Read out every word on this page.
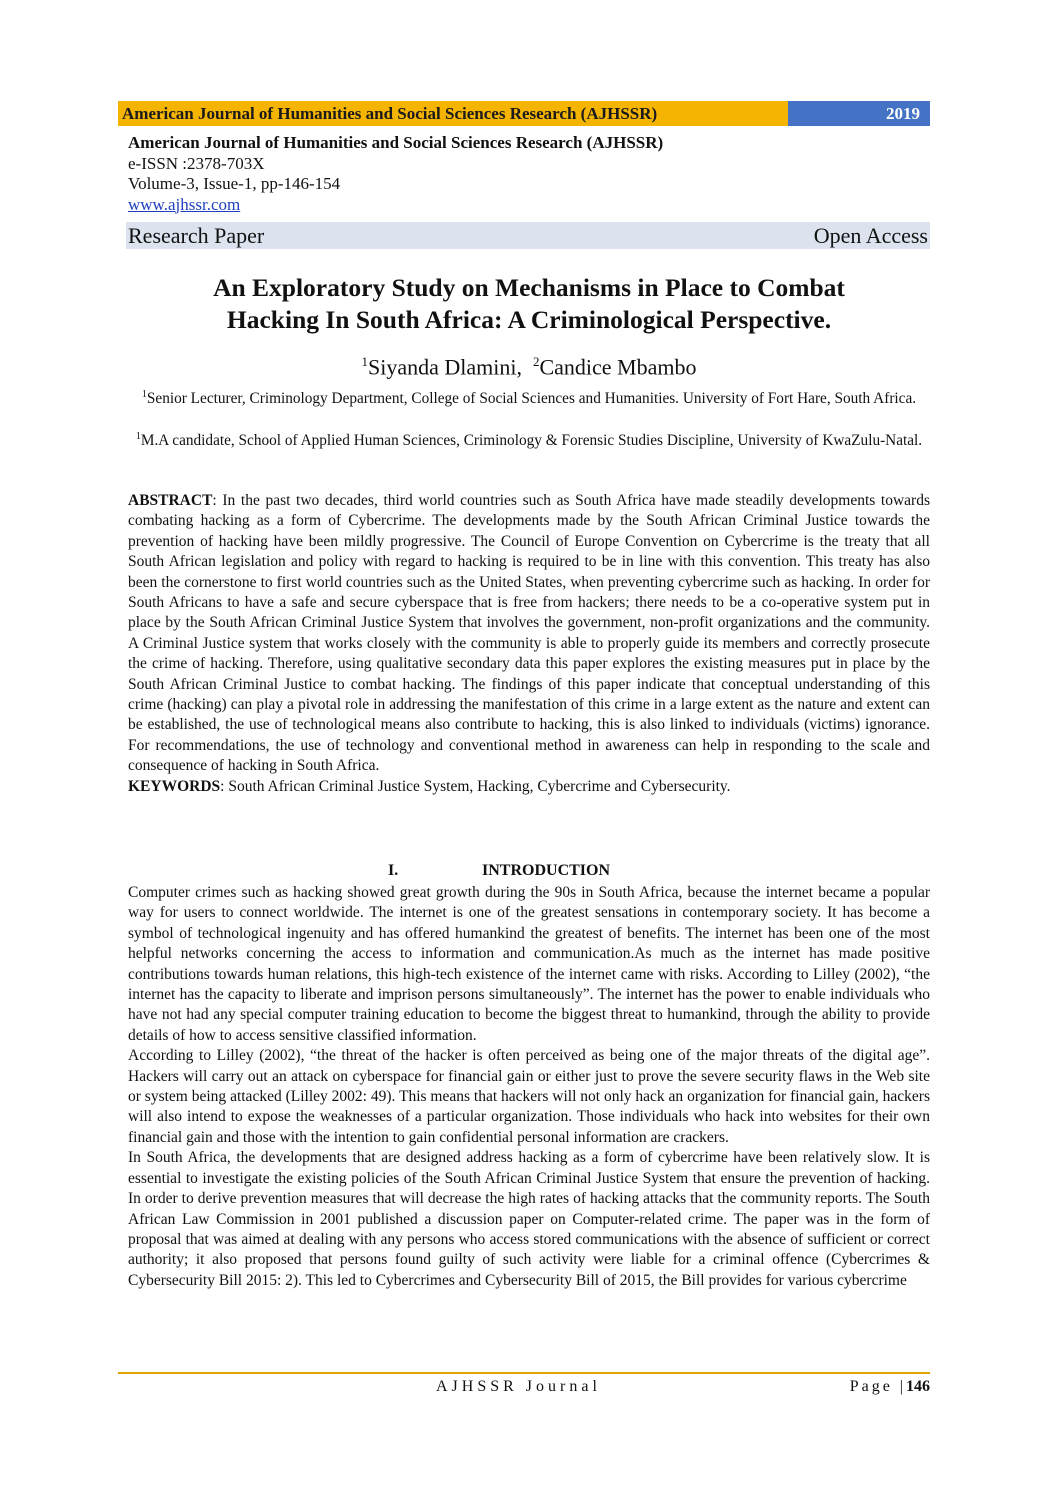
American Journal of Humanities and Social Sciences Research (AJHSSR)	2019
American Journal of Humanities and Social Sciences Research (AJHSSR)
e-ISSN :2378-703X
Volume-3, Issue-1, pp-146-154
www.ajhssr.com
Research Paper	Open Access
An Exploratory Study on Mechanisms in Place to Combat
Hacking In South Africa: A Criminological Perspective.
$^1$Siyanda Dlamini, $^2$Candice Mbambo
$^1$Senior Lecturer, Criminology Department, College of Social Sciences and Humanities. University of Fort Hare, South Africa.
$^1$M.A candidate, School of Applied Human Sciences, Criminology & Forensic Studies Discipline, University of KwaZulu-Natal.

ABSTRACT: In the past two decades, third world countries such as South Africa have made steadily developments towards combating hacking as a form of Cybercrime. The developments made by the South African Criminal Justice towards the prevention of hacking have been mildly progressive. The Council of Europe Convention on Cybercrime is the treaty that all South African legislation and policy with regard to hacking is required to be in line with this convention. This treaty has also been the cornerstone to first world countries such as the United States, when preventing cybercrime such as hacking. In order for South Africans to have a safe and secure cyberspace that is free from hackers; there needs to be a co-operative system put in place by the South African Criminal Justice System that involves the government, non-profit organizations and the community. A Criminal Justice system that works closely with the community is able to properly guide its members and correctly prosecute the crime of hacking. Therefore, using qualitative secondary data this paper explores the existing measures put in place by the South African Criminal Justice to combat hacking. The findings of this paper indicate that conceptual understanding of this crime (hacking) can play a pivotal role in addressing the manifestation of this crime in a large extent as the nature and extent can be established, the use of technological means also contribute to hacking, this is also linked to individuals (victims) ignorance. For recommendations, the use of technology and conventional method in awareness can help in responding to the scale and consequence of hacking in South Africa.

KEYWORDS: South African Criminal Justice System, Hacking, Cybercrime and Cybersecurity.

I.	INTRODUCTION

Computer crimes such as hacking showed great growth during the 90s in South Africa, because the internet became a popular way for users to connect worldwide. The internet is one of the greatest sensations in contemporary society. It has become a symbol of technological ingenuity and has offered humankind the greatest of benefits. The internet has been one of the most helpful networks concerning the access to information and communication.As much as the internet has made positive contributions towards human relations, this high-tech existence of the internet came with risks. According to Lilley (2002), “the internet has the capacity to liberate and imprison persons simultaneously”. The internet has the power to enable individuals who have not had any special computer training education to become the biggest threat to humankind, through the ability to provide details of how to access sensitive classified information.

According to Lilley (2002), “the threat of the hacker is often perceived as being one of the major threats of the digital age”. Hackers will carry out an attack on cyberspace for financial gain or either just to prove the severe security flaws in the Web site or system being attacked (Lilley 2002: 49). This means that hackers will not only hack an organization for financial gain, hackers will also intend to expose the weaknesses of a particular organization. Those individuals who hack into websites for their own financial gain and those with the intention to gain confidential personal information are crackers.

In South Africa, the developments that are designed address hacking as a form of cybercrime have been relatively slow. It is essential to investigate the existing policies of the South African Criminal Justice System that ensure the prevention of hacking. In order to derive prevention measures that will decrease the high rates of hacking attacks that the community reports. The South African Law Commission in 2001 published a discussion paper on Computer-related crime. The paper was in the form of proposal that was aimed at dealing with any persons who access stored communications with the absence of sufficient or correct authority; it also proposed that persons found guilty of such activity were liable for a criminal offence (Cybercrimes & Cybersecurity Bill 2015: 2). This led to Cybercrimes and Cybersecurity Bill of 2015, the Bill provides for various cybercrime

AJHSSR Journal	Page |146
